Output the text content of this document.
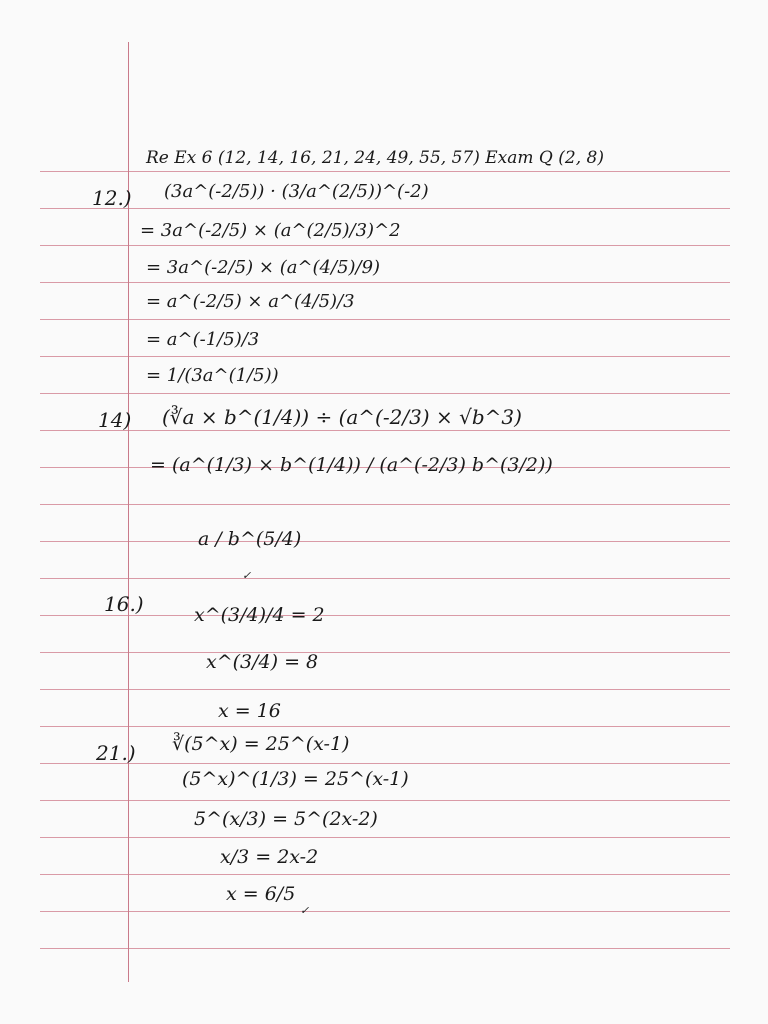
Re Ex 6 (12, 14, 16, 21, 24, 49, 55, 57) Exam Q (2, 8)
12.) (3a^(-2/5)) · (3/a^(2/5))^(-2)
= 3a^(-2/5) × (a^(2/5)/3)^2
= 3a^(-2/5) × (a^(4/5)/9)
= a^(-2/5) × a^(4/5)/3
= a^(-1/5)/3
= 1/(3a^(1/5))
14) (∛a × b^(1/4)) ÷ (a^(-2/3) × √b^3)
= (a^(1/3) × b^(1/4)) / (a^(-2/3) b^(3/2))
a / b^(5/4)
✓
16.)	x^(3/4)/4 = 2
x^(3/4) = 8
x = 16
21.) ∛(5^x) = 25^(x-1)
(5^x)^(1/3) = 25^(x-1)
5^(x/3) = 5^(2x-2)
x/3 = 2x-2
x = 6/5
✓
